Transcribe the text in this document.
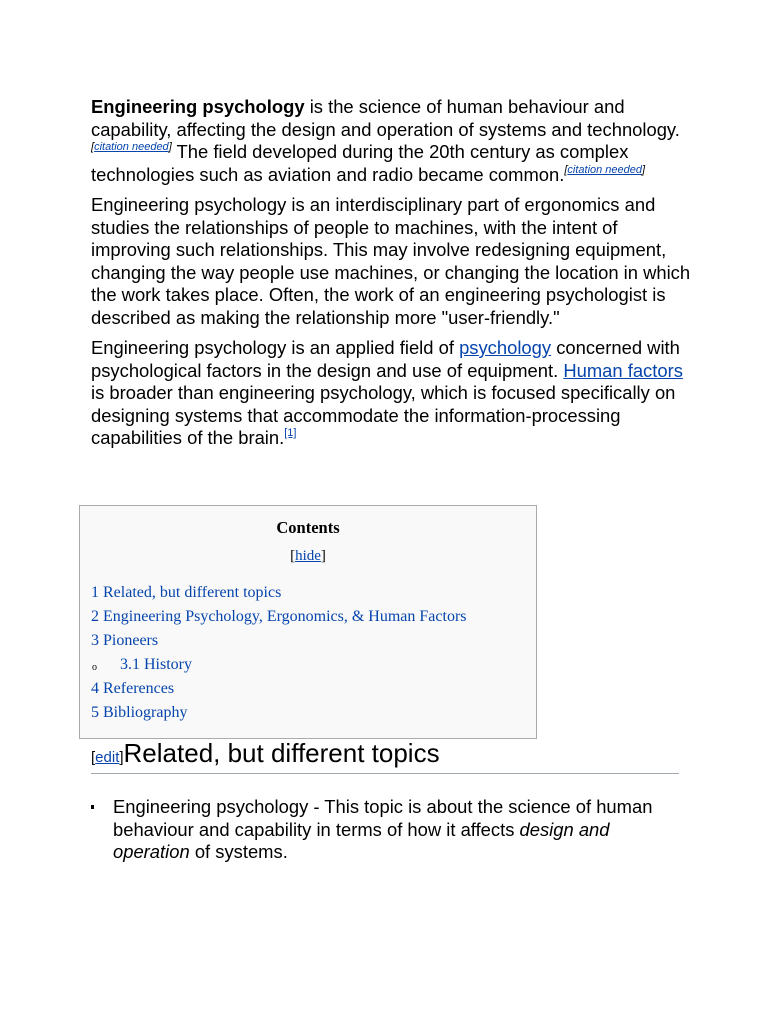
Engineering psychology is the science of human behaviour and capability, affecting the design and operation of systems and technology.[citation needed] The field developed during the 20th century as complex technologies such as aviation and radio became common.[citation needed]

Engineering psychology is an interdisciplinary part of ergonomics and studies the relationships of people to machines, with the intent of improving such relationships. This may involve redesigning equipment, changing the way people use machines, or changing the location in which the work takes place. Often, the work of an engineering psychologist is described as making the relationship more "user-friendly."

Engineering psychology is an applied field of psychology concerned with psychological factors in the design and use of equipment. Human factors is broader than engineering psychology, which is focused specifically on designing systems that accommodate the information-processing capabilities of the brain.[1]

Contents
[hide]
1 Related, but different topics
2 Engineering Psychology, Ergonomics, & Human Factors
3 Pioneers
o 3.1 History
4 References
5 Bibliography
[edit]Related, but different topics
Engineering psychology - This topic is about the science of human behaviour and capability in terms of how it affects design and operation of systems.
